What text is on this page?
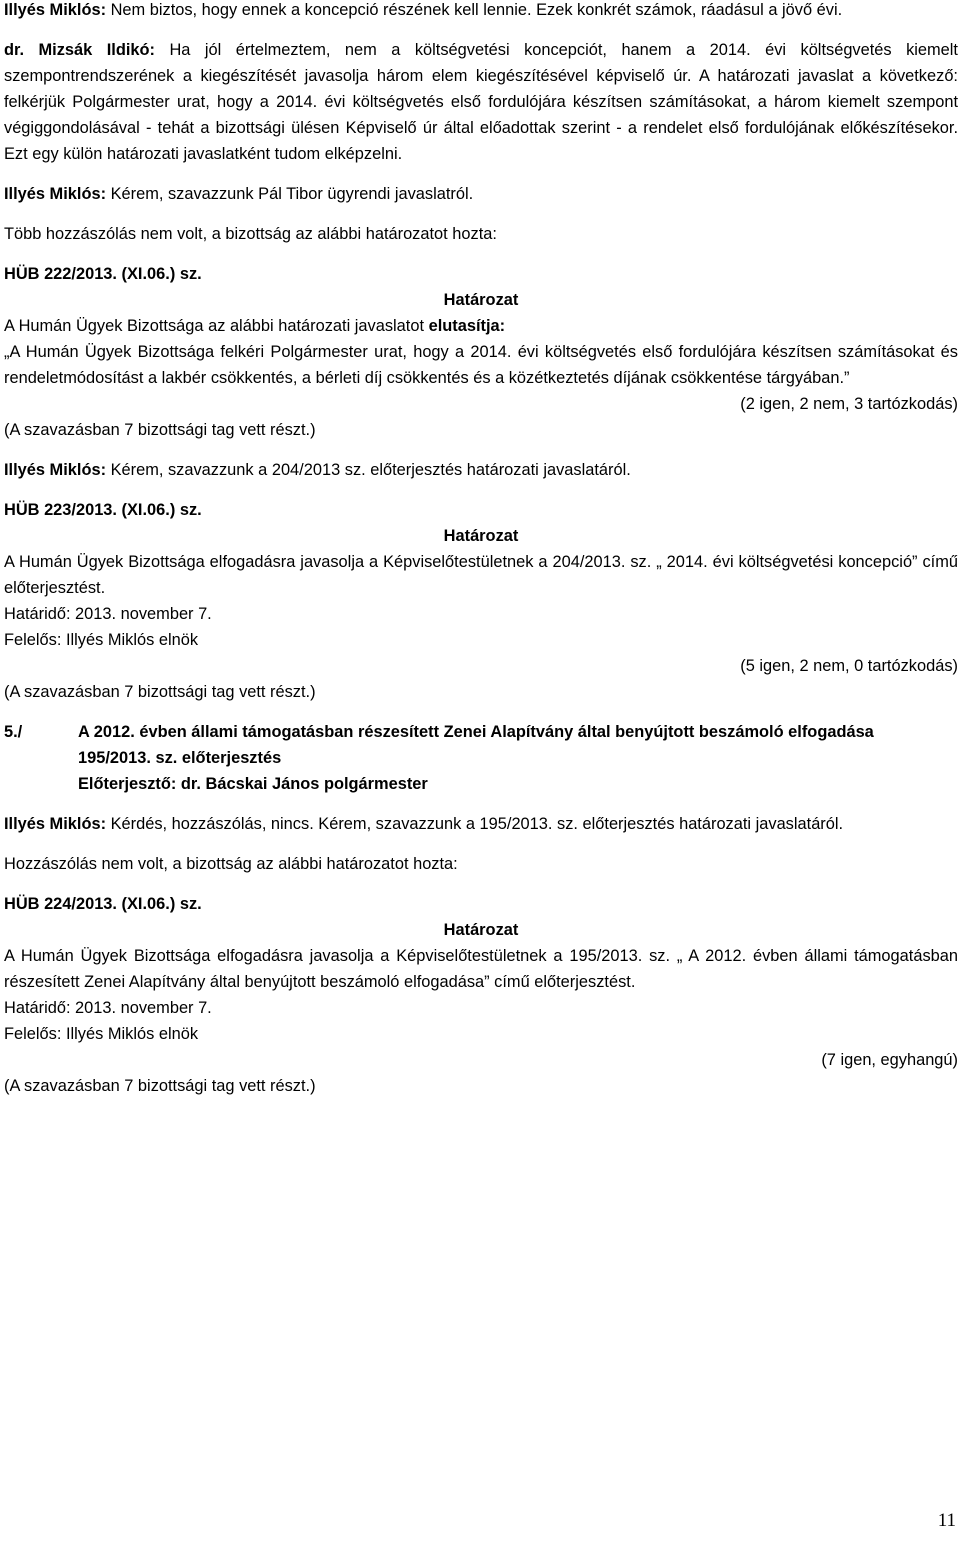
Illyés Miklós: Nem biztos, hogy ennek a koncepció részének kell lennie. Ezek konkrét számok, ráadásul a jövő évi.

dr. Mizsák Ildikó: Ha jól értelmeztem, nem a költségvetési koncepciót, hanem a 2014. évi költségvetés kiemelt szempontrendszerének a kiegészítését javasolja három elem kiegészítésével képviselő úr. A határozati javaslat a következő: felkérjük Polgármester urat, hogy a 2014. évi költségvetés első fordulójára készítsen számításokat, a három kiemelt szempont végiggondolásával - tehát a bizottsági ülésen Képviselő úr által előadottak szerint - a rendelet első fordulójának előkészítésekor. Ezt egy külön határozati javaslatként tudom elképzelni.

Illyés Miklós: Kérem, szavazzunk Pál Tibor ügyrendi javaslatról.

Több hozzászólás nem volt, a bizottság az alábbi határozatot hozta:

HÜB 222/2013. (XI.06.) sz.

Határozat

A Humán Ügyek Bizottsága az alábbi határozati javaslatot elutasítja:

„A Humán Ügyek Bizottsága felkéri Polgármester urat, hogy a 2014. évi költségvetés első fordulójára készítsen számításokat és rendeletmódosítást a lakbér csökkentés, a bérleti díj csökkentés és a közétkeztetés díjának csökkentése tárgyában.”

(2 igen, 2 nem, 3 tartózkodás)

(A szavazásban 7 bizottsági tag vett részt.)

Illyés Miklós: Kérem, szavazzunk a 204/2013 sz. előterjesztés határozati javaslatáról.

HÜB 223/2013. (XI.06.) sz.

Határozat

A Humán Ügyek Bizottsága elfogadásra javasolja a Képviselőtestületnek a 204/2013. sz. „ 2014. évi költségvetési koncepció” című előterjesztést.

Határidő: 2013. november 7.

Felelős: Illyés Miklós elnök

(5 igen, 2 nem, 0 tartózkodás)

(A szavazásban 7 bizottsági tag vett részt.)

5./	A 2012. évben állami támogatásban részesített Zenei Alapítvány által benyújtott beszámoló elfogadása

195/2013. sz. előterjesztés

Előterjesztő: dr. Bácskai János polgármester

Illyés Miklós: Kérdés, hozzászólás, nincs. Kérem, szavazzunk a 195/2013. sz. előterjesztés határozati javaslatáról.

Hozzászólás nem volt, a bizottság az alábbi határozatot hozta:

HÜB 224/2013. (XI.06.) sz.

Határozat

A Humán Ügyek Bizottsága elfogadásra javasolja a Képviselőtestületnek a 195/2013. sz. „ A 2012. évben állami támogatásban részesített Zenei Alapítvány által benyújtott beszámoló elfogadása” című előterjesztést.

Határidő: 2013. november 7.

Felelős: Illyés Miklós elnök

(7 igen, egyhangú)

(A szavazásban 7 bizottsági tag vett részt.)

11
